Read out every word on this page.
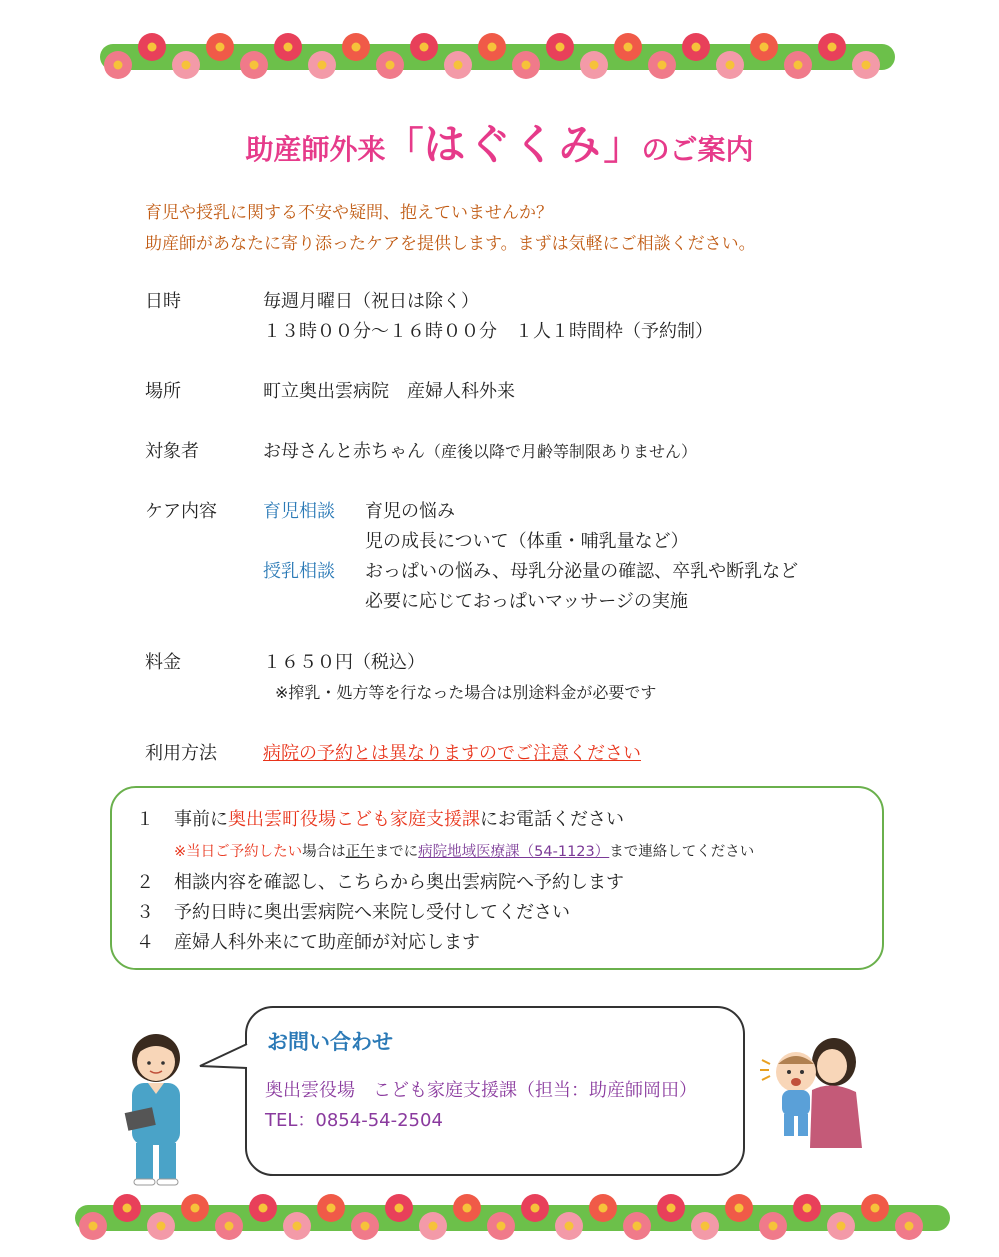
助産師外来「はぐくみ」のご案内
育児や授乳に関する不安や疑問、抱えていませんか？
助産師があなたに寄り添ったケアを提供します。まずは気軽にご相談ください。
日時	毎週月曜日（祝日は除く）
１３時００分～１６時００分　１人１時間枠（予約制）
場所	町立奥出雲病院　産婦人科外来
対象者	お母さんと赤ちゃん（産後以降で月齢等制限ありません）
ケア内容	育児相談 育児の悩み
児の成長について（体重・哺乳量など）
授乳相談 おっぱいの悩み、母乳分泌量の確認、卒乳や断乳など
必要に応じておっぱいマッサージの実施
料金	１６５０円（税込）
※搾乳・処方等を行なった場合は別途料金が必要です
利用方法	病院の予約とは異なりますのでご注意ください
１ 事前に奥出雲町役場こども家庭支援課にお電話ください
※当日ご予約したい場合は正午までに病院地域医療課（54-1123）まで連絡してください
２ 相談内容を確認し、こちらから奥出雲病院へ予約します
３ 予約日時に奥出雲病院へ来院し受付してください
４ 産婦人科外来にて助産師が対応します
お問い合わせ
奥出雲役場　こども家庭支援課（担当：助産師岡田）
TEL：0854-54-2504
